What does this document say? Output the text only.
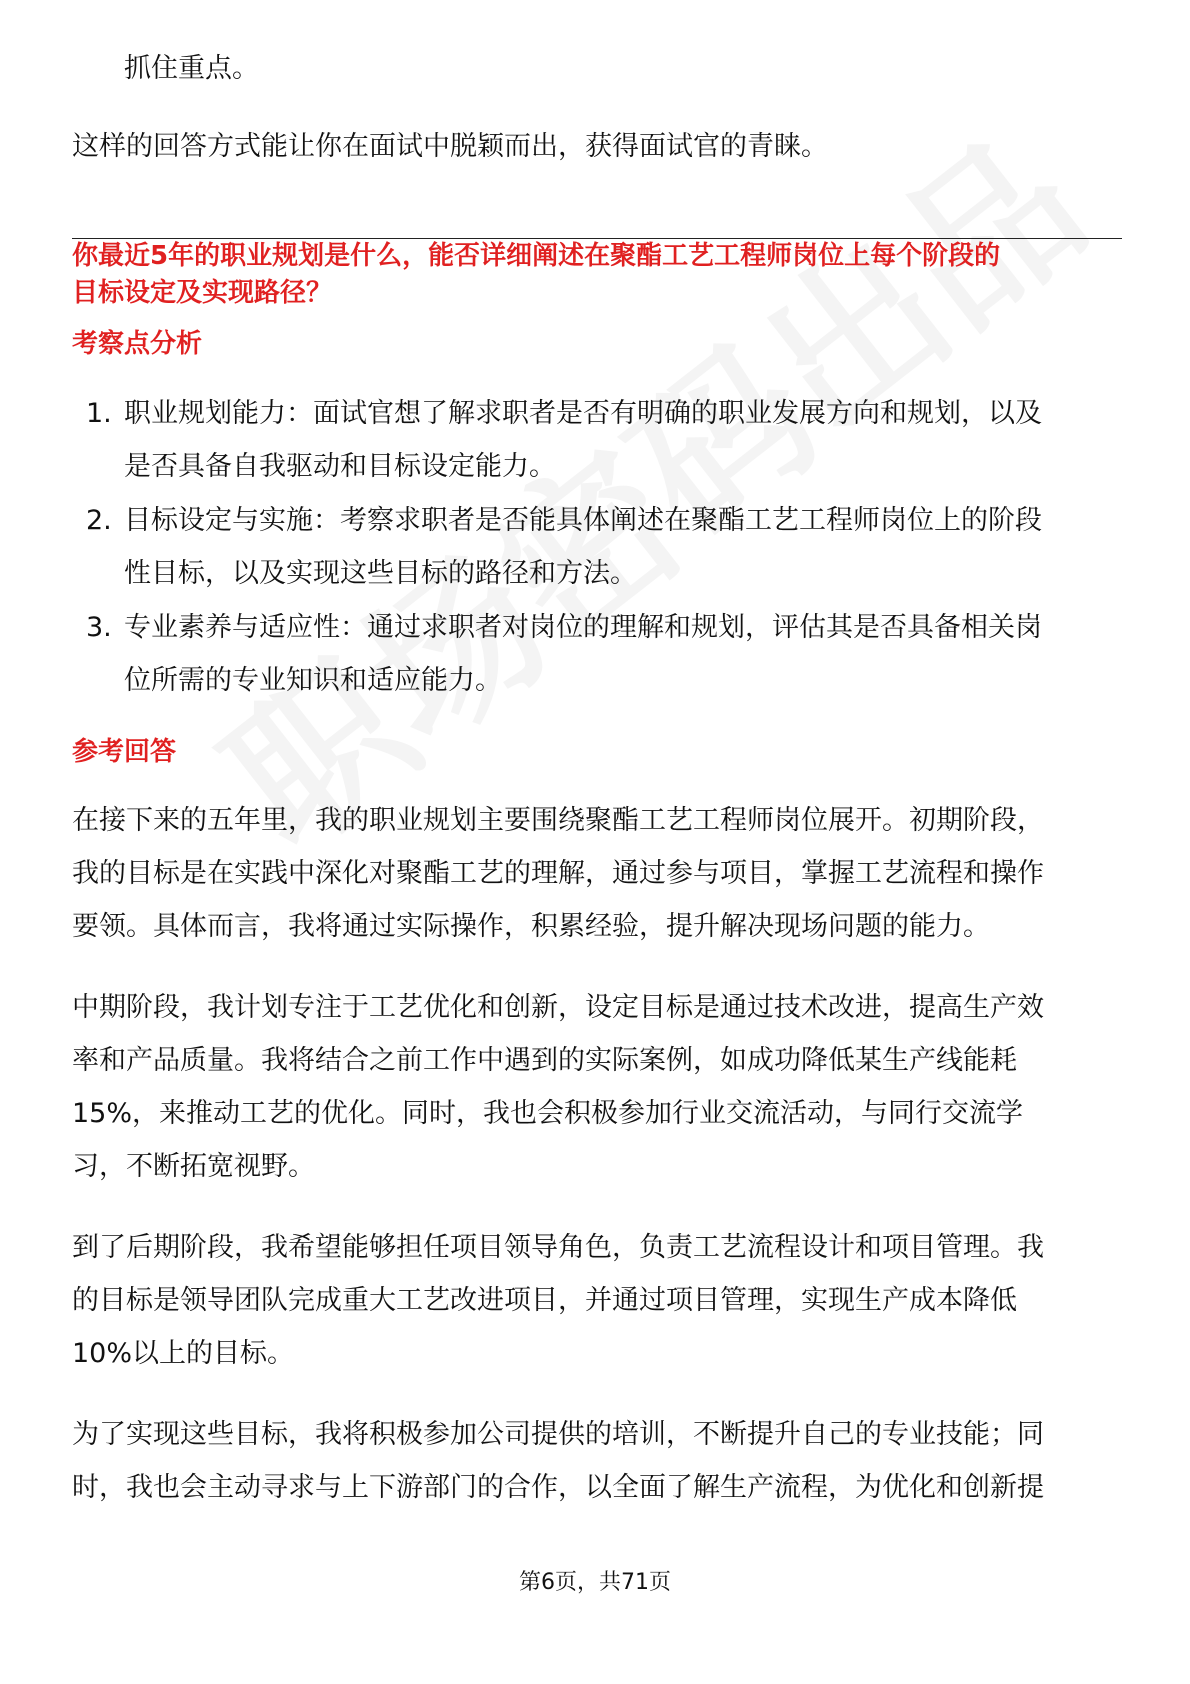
抓住重点。

这样的回答方式能让你在面试中脱颖而出，获得面试官的青睐。

你最近5年的职业规划是什么，能否详细阐述在聚酯工艺工程师岗位上每个阶段的

目标设定及实现路径？

考察点分析

1. 职业规划能力：面试官想了解求职者是否有明确的职业发展方向和规划，以及

是否具备自我驱动和目标设定能力。

2. 目标设定与实施：考察求职者是否能具体阐述在聚酯工艺工程师岗位上的阶段

性目标，以及实现这些目标的路径和方法。

3. 专业素养与适应性：通过求职者对岗位的理解和规划，评估其是否具备相关岗

位所需的专业知识和适应能力。

参考回答

在接下来的五年里，我的职业规划主要围绕聚酯工艺工程师岗位展开。初期阶段，

我的目标是在实践中深化对聚酯工艺的理解，通过参与项目，掌握工艺流程和操作

要领。具体而言，我将通过实际操作，积累经验，提升解决现场问题的能力。

中期阶段，我计划专注于工艺优化和创新，设定目标是通过技术改进，提高生产效

率和产品质量。我将结合之前工作中遇到的实际案例，如成功降低某生产线能耗

15%，来推动工艺的优化。同时，我也会积极参加行业交流活动，与同行交流学

习，不断拓宽视野。

到了后期阶段，我希望能够担任项目领导角色，负责工艺流程设计和项目管理。我

的目标是领导团队完成重大工艺改进项目，并通过项目管理，实现生产成本降低

10%以上的目标。

为了实现这些目标，我将积极参加公司提供的培训，不断提升自己的专业技能；同

时，我也会主动寻求与上下游部门的合作，以全面了解生产流程，为优化和创新提

第6页，共71页
